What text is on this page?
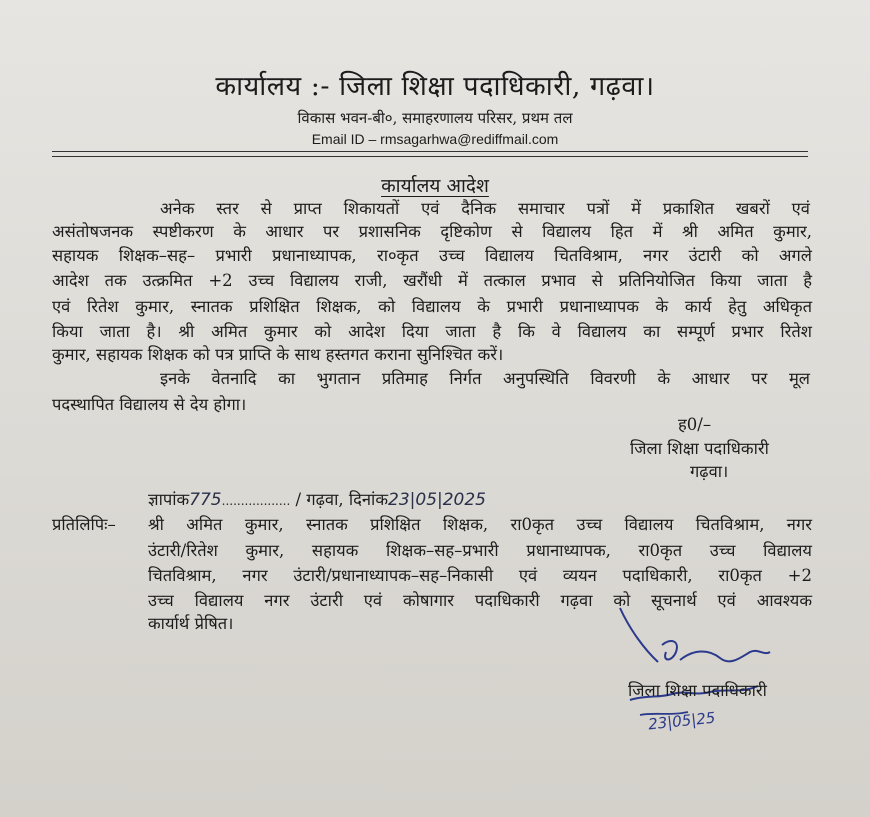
कार्यालय :- जिला शिक्षा पदाधिकारी, गढ़वा।
विकास भवन-बी०, समाहरणालय परिसर, प्रथम तल
Email ID – rmsagarhwa@rediffmail.com
कार्यालय आदेश
अनेक स्तर से प्राप्त शिकायतों एवं दैनिक समाचार पत्रों में प्रकाशित खबरों एवं
असंतोषजनक स्पष्टीकरण के आधार पर प्रशासनिक दृष्टिकोण से विद्यालय हित में श्री अमित कुमार,
सहायक शिक्षक–सह– प्रभारी प्रधानाध्यापक, रा०कृत उच्च विद्यालय चितविश्राम, नगर उंटारी को अगले
आदेश तक उत्क्रमित +2 उच्च विद्यालय राजी, खरौंधी में तत्काल प्रभाव से प्रतिनियोजित किया जाता है
एवं रितेश कुमार, स्नातक प्रशिक्षित शिक्षक, को विद्यालय के प्रभारी प्रधानाध्यापक के कार्य हेतु अधिकृत
किया जाता है। श्री अमित कुमार को आदेश दिया जाता है कि वे विद्यालय का सम्पूर्ण प्रभार रितेश
कुमार, सहायक शिक्षक को पत्र प्राप्ति के साथ हस्तगत कराना सुनिश्चित करें।
इनके वेतनादि का भुगतान प्रतिमाह निर्गत अनुपस्थिति विवरणी के आधार पर मूल
पदस्थापित विद्यालय से देय होगा।
ह0/–
जिला शिक्षा पदाधिकारी
गढ़वा।
ज्ञापांक775.................. / गढ़वा, दिनांक23|05|2025
प्रतिलिपिः– श्री अमित कुमार, स्नातक प्रशिक्षित शिक्षक, रा0कृत उच्च विद्यालय चितविश्राम, नगर
उंटारी/रितेश कुमार, सहायक शिक्षक–सह–प्रभारी प्रधानाध्यापक, रा0कृत उच्च विद्यालय
चितविश्राम, नगर उंटारी/प्रधानाध्यापक–सह–निकासी एवं व्ययन पदाधिकारी, रा0कृत +2
उच्च विद्यालय नगर उंटारी एवं कोषागार पदाधिकारी गढ़वा को सूचनार्थ एवं आवश्यक
कार्यार्थ प्रेषित।
जिला शिक्षा पदाधिकारी
23|05|25
